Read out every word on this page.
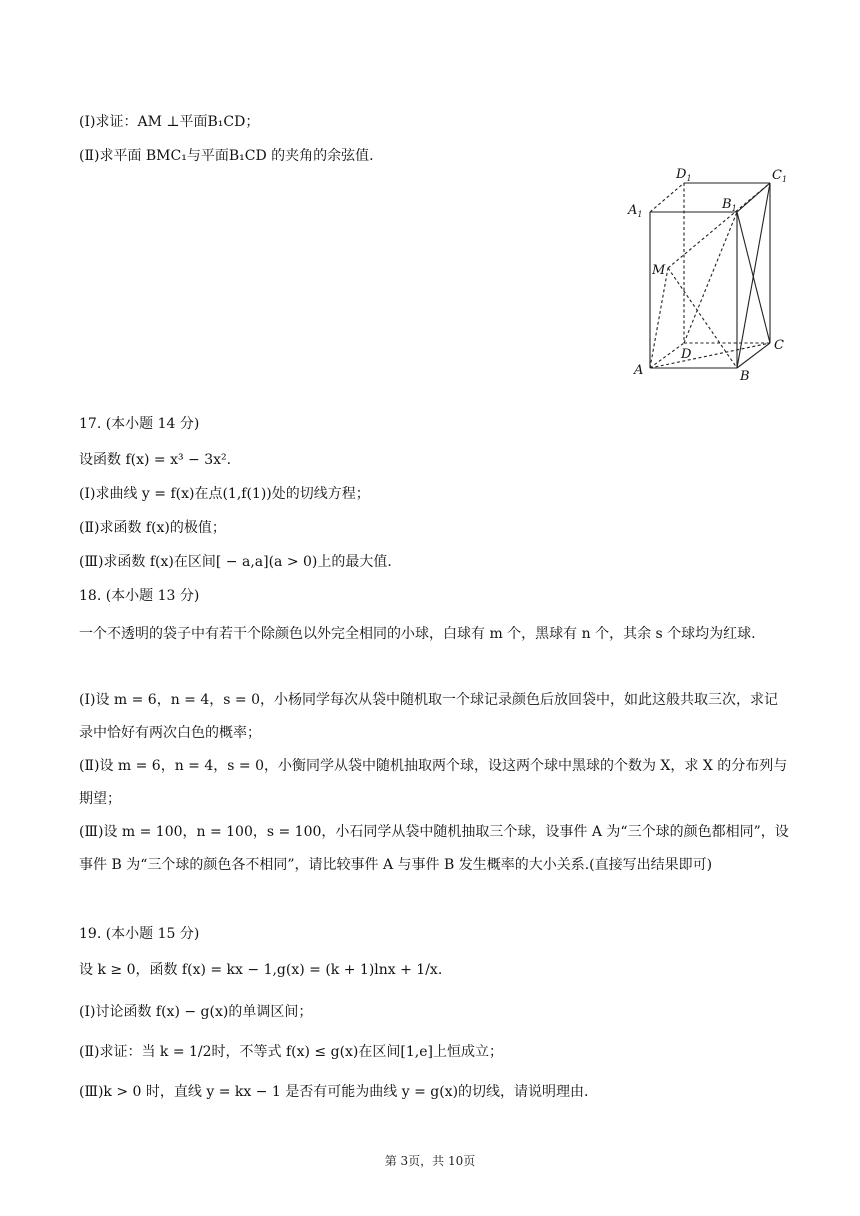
(I)求证：AM ⊥平面B₁CD；
(Ⅱ)求平面 BMC₁与平面B₁CD 的夹角的余弦值.
$D_1$	$C_1$
$A_1$
$B_1$
M
D
C
A	B
17. (本小题 14 分)
设函数 f(x) = x³ − 3x².
(Ⅰ)求曲线 y = f(x)在点(1,f(1))处的切线方程；
(Ⅱ)求函数 f(x)的极值；
(Ⅲ)求函数 f(x)在区间[ − a,a](a > 0)上的最大值.
18. (本小题 13 分)
一个不透明的袋子中有若干个除颜色以外完全相同的小球，白球有 m 个，黑球有 n 个，其余 s 个球均为红球.
(I)设 m = 6，n = 4，s = 0，小杨同学每次从袋中随机取一个球记录颜色后放回袋中，如此这般共取三次，求记录中恰好有两次白色的概率；
(Ⅱ)设 m = 6，n = 4，s = 0，小衡同学从袋中随机抽取两个球，设这两个球中黑球的个数为 X，求 X 的分布列与期望；
(Ⅲ)设 m = 100，n = 100，s = 100，小石同学从袋中随机抽取三个球，设事件 A 为“三个球的颜色都相同”，设事件 B 为“三个球的颜色各不相同”，请比较事件 A 与事件 B 发生概率的大小关系.(直接写出结果即可)
19. (本小题 15 分)
设 k ≥ 0，函数 f(x) = kx − 1,g(x) = (k + 1)lnx + 1/x.
(I)讨论函数 f(x) − g(x)的单调区间；
(Ⅱ)求证：当 k = 1/2时，不等式 f(x) ≤ g(x)在区间[1,e]上恒成立；
(Ⅲ)k > 0 时，直线 y = kx − 1 是否有可能为曲线 y = g(x)的切线，请说明理由.
第 3页，共 10页
